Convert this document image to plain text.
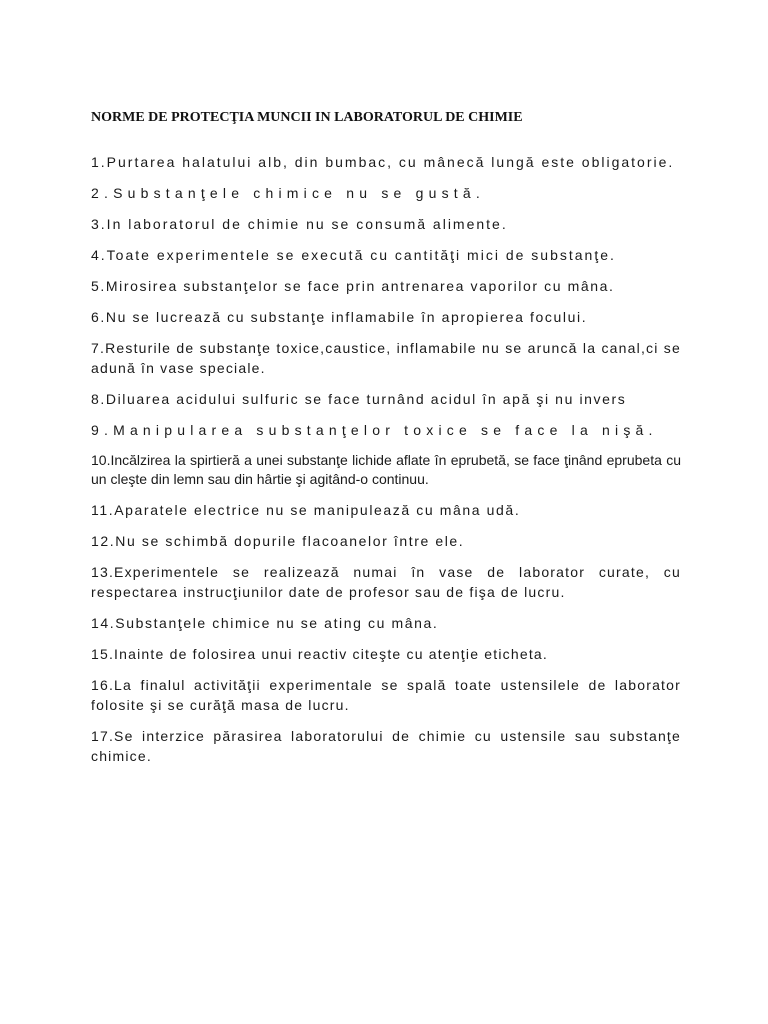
NORME DE PROTECŢIA MUNCII IN LABORATORUL DE CHIMIE

1.Purtarea halatului alb, din bumbac, cu mânecă lungă este obligatorie.

2.Substanţele chimice nu se gustă.

3.In laboratorul de chimie nu se consumă alimente.

4.Toate experimentele se execută cu cantităţi mici de substanţe.

5.Mirosirea substanţelor se face prin antrenarea vaporilor cu mâna.

6.Nu se lucrează cu substanţe inflamabile în apropierea focului.

7.Resturile de substanţe toxice,caustice, inflamabile nu se aruncă la canal,ci se adună în vase speciale.

8.Diluarea acidului sulfuric se face turnând acidul în apă şi nu invers

9.Manipularea substanţelor toxice se face la nişă.

10.Incălzirea la spirtieră a unei substanţe lichide aflate în eprubetă, se face ţinând eprubeta cu un cleşte din lemn sau din hârtie şi agitând-o continuu.

11.Aparatele electrice nu se manipulează cu mâna udă.

12.Nu se schimbă dopurile flacoanelor între ele.

13.Experimentele se realizează numai în vase de laborator curate, cu respectarea instrucţiunilor date de profesor sau de fişa de lucru.

14.Substanţele chimice nu se ating cu mâna.

15.Inainte de folosirea unui reactiv citeşte cu atenţie eticheta.

16.La finalul activităţii experimentale se spală toate ustensilele de laborator folosite şi se curăţă masa de lucru.

17.Se interzice părasirea laboratorului de chimie cu ustensile sau substanţe chimice.
